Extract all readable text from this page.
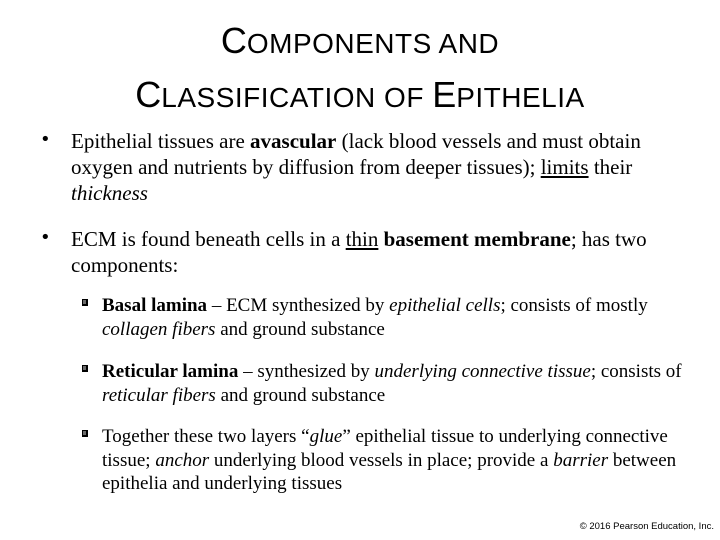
COMPONENTS AND
CLASSIFICATION OF EPITHELIA
• Epithelial tissues are avascular (lack blood vessels and must obtain oxygen and nutrients by diffusion from deeper tissues); limits their thickness
• ECM is found beneath cells in a thin basement membrane; has two components:
Basal lamina – ECM synthesized by epithelial cells; consists of mostly collagen fibers and ground substance
Reticular lamina – synthesized by underlying connective tissue; consists of reticular fibers and ground substance
Together these two layers “glue” epithelial tissue to underlying connective tissue; anchor underlying blood vessels in place; provide a barrier between epithelia and underlying tissues
© 2016 Pearson Education, Inc.
